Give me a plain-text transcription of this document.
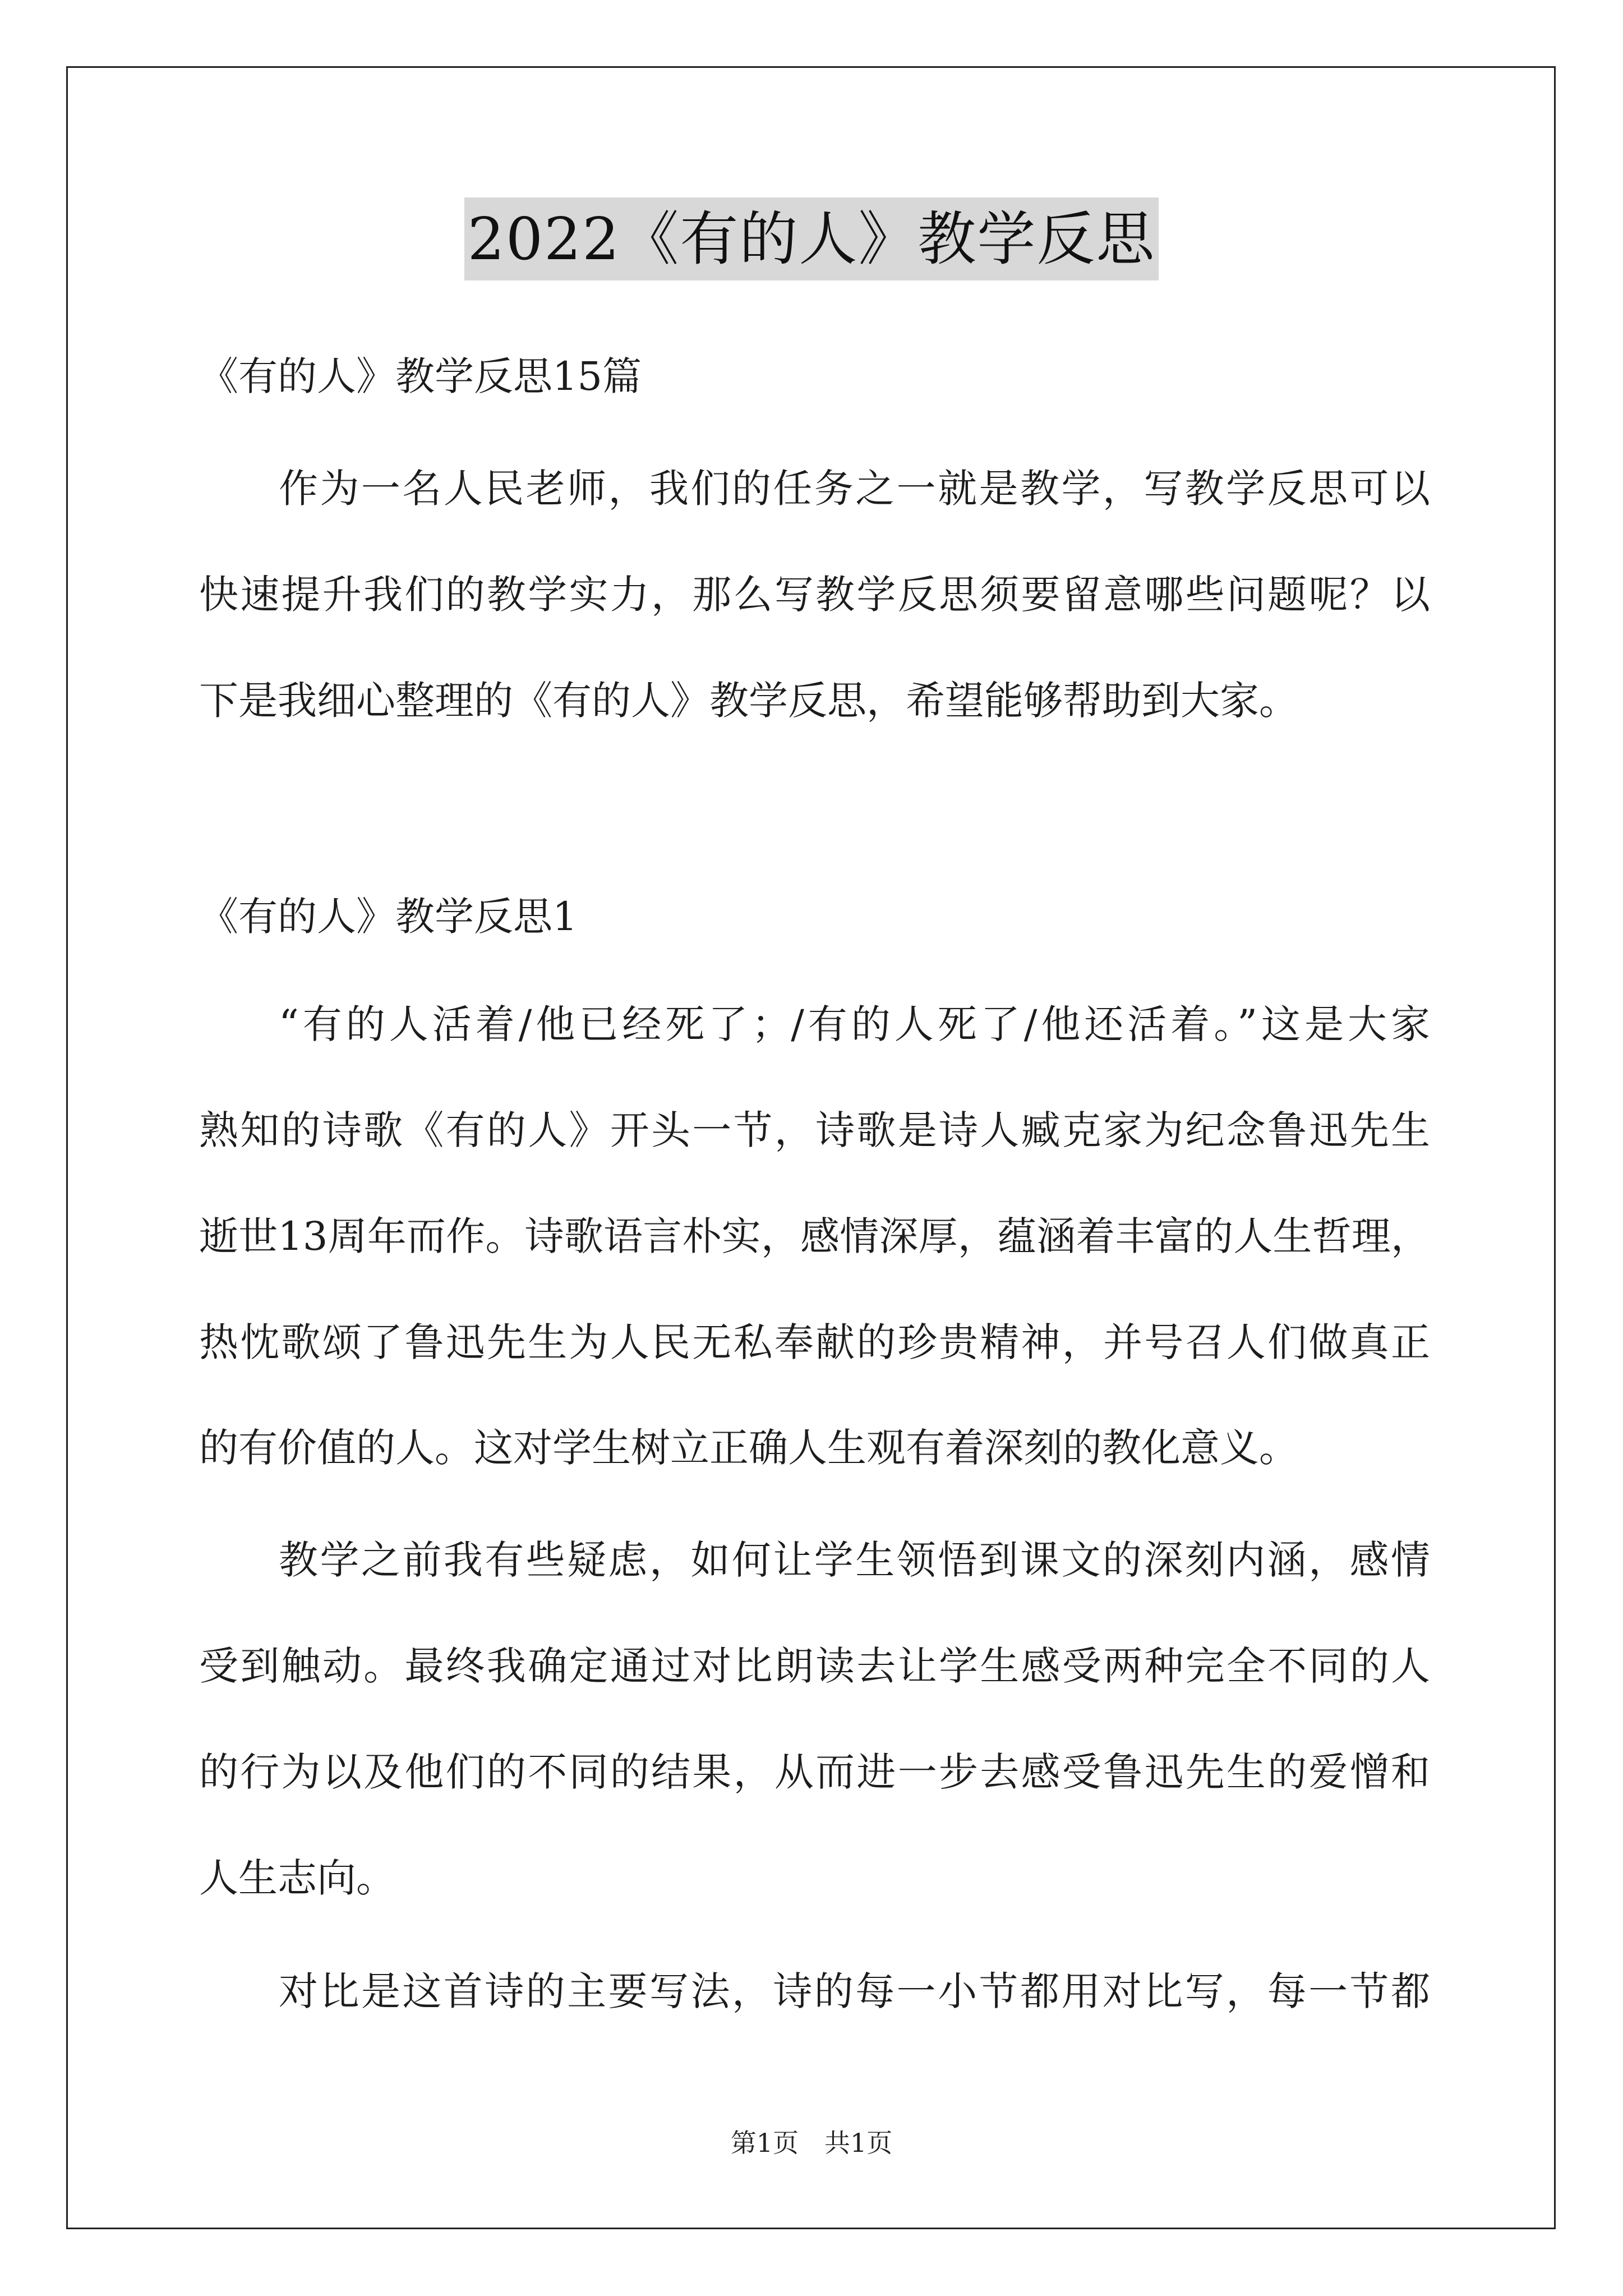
2022《有的人》教学反思
《有的人》教学反思15篇
作为一名人民老师，我们的任务之一就是教学，写教学反思可以
快速提升我们的教学实力，那么写教学反思须要留意哪些问题呢？以
下是我细心整理的《有的人》教学反思，希望能够帮助到大家。
《有的人》教学反思1
“有的人活着/他已经死了；/有的人死了/他还活着。”这是大家
熟知的诗歌《有的人》开头一节，诗歌是诗人臧克家为纪念鲁迅先生
逝世13周年而作。诗歌语言朴实，感情深厚，蕴涵着丰富的人生哲理，
热忱歌颂了鲁迅先生为人民无私奉献的珍贵精神，并号召人们做真正
的有价值的人。这对学生树立正确人生观有着深刻的教化意义。
教学之前我有些疑虑，如何让学生领悟到课文的深刻内涵，感情
受到触动。最终我确定通过对比朗读去让学生感受两种完全不同的人
的行为以及他们的不同的结果，从而进一步去感受鲁迅先生的爱憎和
人生志向。
对比是这首诗的主要写法，诗的每一小节都用对比写，每一节都
第1页　共1页
